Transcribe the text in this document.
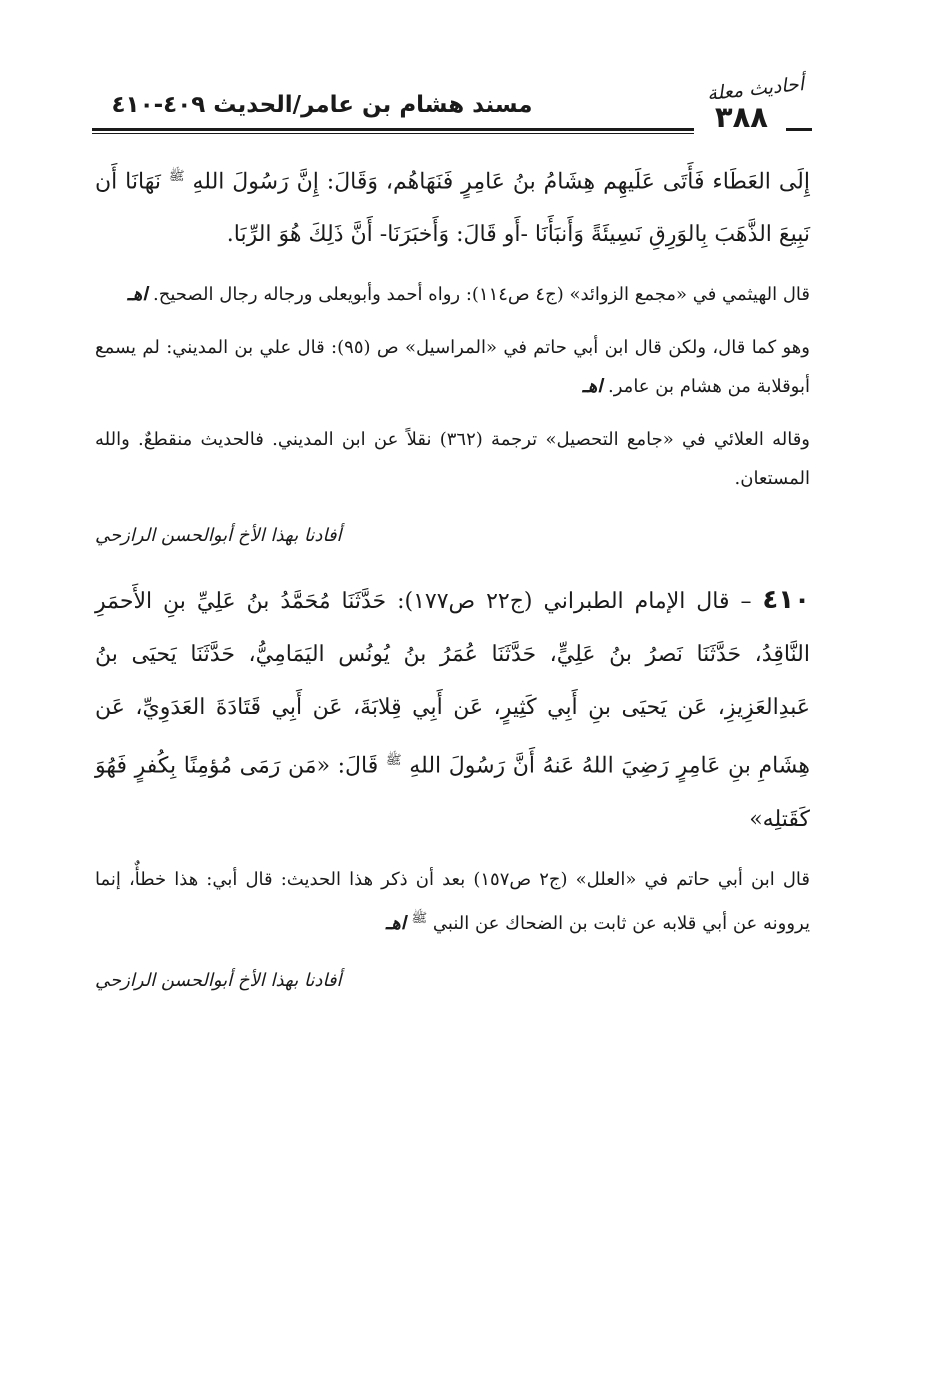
أحاديث معلة
٣٨٨
مسند هشام بن عامر/الحديث ٤٠٩-٤١٠

إِلَى العَطَاء فَأَتَى عَلَيهِم هِشَامُ بنُ عَامِرٍ فَنَهَاهُم، وَقَالَ: إِنَّ رَسُولَ اللهِ $^ﷺ$ نَهَانَا أَن نَبِيعَ الذَّهَبَ بِالوَرِقِ نَسِيئَةً وَأَنبَأَنَا -أَو قَالَ: وَأَخبَرَنَا- أَنَّ ذَلِكَ هُوَ الرِّبَا.

قال الهيثمي في «مجمع الزوائد» (ج٤ ص١١٤): رواه أحمد وأبويعلى ورجاله رجال الصحيح. اهـ

وهو كما قال، ولكن قال ابن أبي حاتم في «المراسيل» ص (٩٥): قال علي بن المديني: لم يسمع أبوقلابة من هشام بن عامر. اهـ

وقاله العلائي في «جامع التحصيل» ترجمة (٣٦٢) نقلاً عن ابن المديني. فالحديث منقطعٌ. والله المستعان.

أفادنا بهذا الأخ أبوالحسن الرازحي

٤١٠ – قال الإمام الطبراني (ج٢٢ ص١٧٧): حَدَّثَنَا مُحَمَّدُ بنُ عَلِيِّ بنِ الأَحمَرِ النَّاقِدُ، حَدَّثَنَا نَصرُ بنُ عَلِيٍّ، حَدَّثَنَا عُمَرُ بنُ يُونُس اليَمَامِيُّ، حَدَّثَنَا يَحيَى بنُ عَبدِالعَزِيزِ، عَن يَحيَى بنِ أَبِي كَثِيرٍ، عَن أَبِي قِلابَةَ، عَن أَبِي قَتَادَةَ العَدَوِيِّ، عَن هِشَامِ بنِ عَامِرٍ رَضِيَ اللهُ عَنهُ أَنَّ رَسُولَ اللهِ $^ﷺ$ قَالَ: «مَن رَمَى مُؤمِنًا بِكُفرٍ فَهُوَ كَقَتلِه»

قال ابن أبي حاتم في «العلل» (ج٢ ص١٥٧) بعد أن ذكر هذا الحديث: قال أبي: هذا خطأٌ، إنما يروونه عن أبي قلابه عن ثابت بن الضحاك عن النبي $^ﷺ$ اهـ

أفادنا بهذا الأخ أبوالحسن الرازحي
